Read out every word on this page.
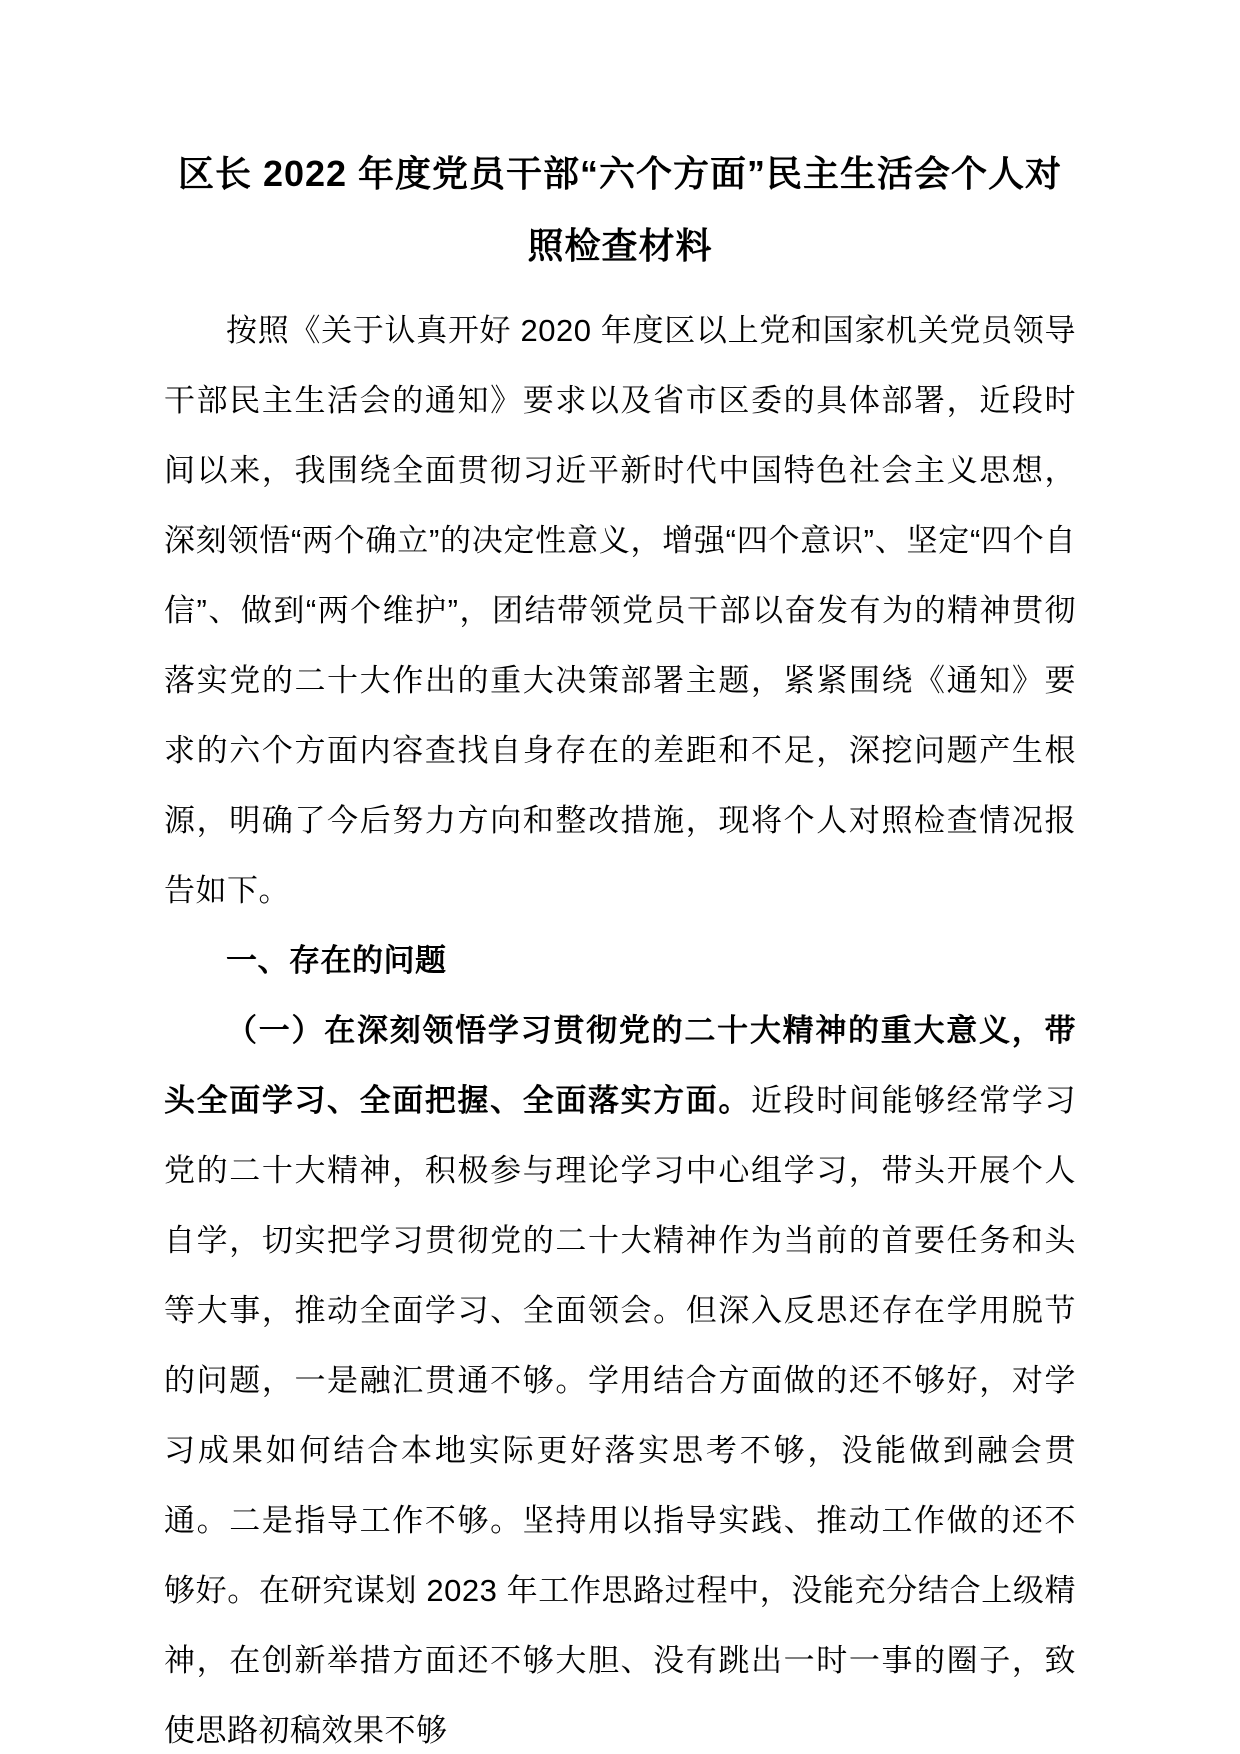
区长 2022 年度党员干部“六个方面”民主生活会个人对照检查材料

按照《关于认真开好 2020 年度区以上党和国家机关党员领导干部民主生活会的通知》要求以及省市区委的具体部署，近段时间以来，我围绕全面贯彻习近平新时代中国特色社会主义思想，深刻领悟“两个确立”的决定性意义，增强“四个意识”、坚定“四个自信”、做到“两个维护”，团结带领党员干部以奋发有为的精神贯彻落实党的二十大作出的重大决策部署主题，紧紧围绕《通知》要求的六个方面内容查找自身存在的差距和不足，深挖问题产生根源，明确了今后努力方向和整改措施，现将个人对照检查情况报告如下。

一、存在的问题

（一）在深刻领悟学习贯彻党的二十大精神的重大意义，带头全面学习、全面把握、全面落实方面。近段时间能够经常学习党的二十大精神，积极参与理论学习中心组学习，带头开展个人自学，切实把学习贯彻党的二十大精神作为当前的首要任务和头等大事，推动全面学习、全面领会。但深入反思还存在学用脱节的问题，一是融汇贯通不够。学用结合方面做的还不够好，对学习成果如何结合本地实际更好落实思考不够，没能做到融会贯通。二是指导工作不够。坚持用以指导实践、推动工作做的还不够好。在研究谋划 2023 年工作思路过程中，没能充分结合上级精神，在创新举措方面还不够大胆、没有跳出一时一事的圈子，致使思路初稿效果不够
